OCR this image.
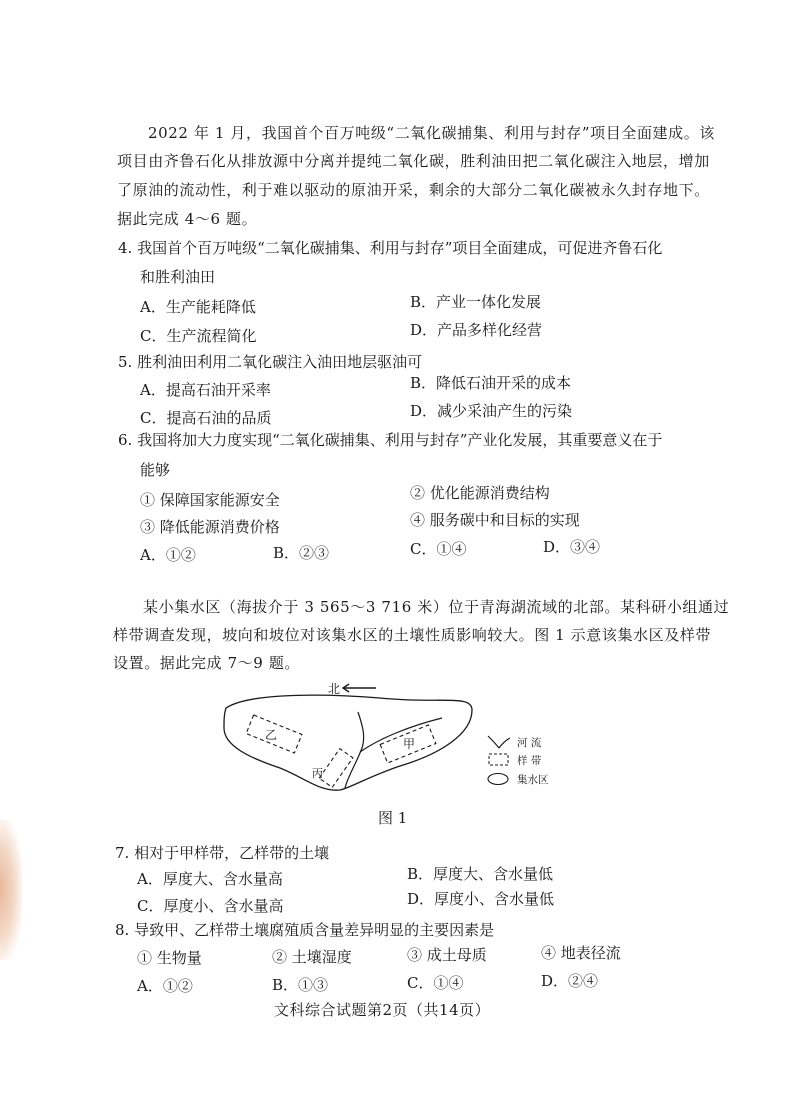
2022 年 1 月，我国首个百万吨级“二氧化碳捕集、利用与封存”项目全面建成。该
项目由齐鲁石化从排放源中分离并提纯二氧化碳，胜利油田把二氧化碳注入地层，增加
了原油的流动性，利于难以驱动的原油开采，剩余的大部分二氧化碳被永久封存地下。
据此完成 4～6 题。
4. 我国首个百万吨级“二氧化碳捕集、利用与封存”项目全面建成，可促进齐鲁石化
和胜利油田
A．生产能耗降低	B．产业一体化发展
C．生产流程简化	D．产品多样化经营
5. 胜利油田利用二氧化碳注入油田地层驱油可
A．提高石油开采率	B．降低石油开采的成本
C．提高石油的品质	D．减少采油产生的污染
6. 我国将加大力度实现“二氧化碳捕集、利用与封存”产业化发展，其重要意义在于
能够
① 保障国家能源安全	② 优化能源消费结构
③ 降低能源消费价格	④ 服务碳中和目标的实现
A．①②	B．②③	C．①④	D．③④
某小集水区（海拔介于 3 565～3 716 米）位于青海湖流域的北部。某科研小组通过
样带调查发现，坡向和坡位对该集水区的土壤性质影响较大。图 1 示意该集水区及样带
设置。据此完成 7～9 题。
北
乙
甲
丙
河 流
样 带
集水区
图 1
7. 相对于甲样带，乙样带的土壤
A．厚度大、含水量高	B．厚度大、含水量低
C．厚度小、含水量高	D．厚度小、含水量低
8. 导致甲、乙样带土壤腐殖质含量差异明显的主要因素是
① 生物量	② 土壤湿度	③ 成土母质	④ 地表径流
A．①②	B．①③	C．①④	D．②④
文科综合试题第2页（共14页）
